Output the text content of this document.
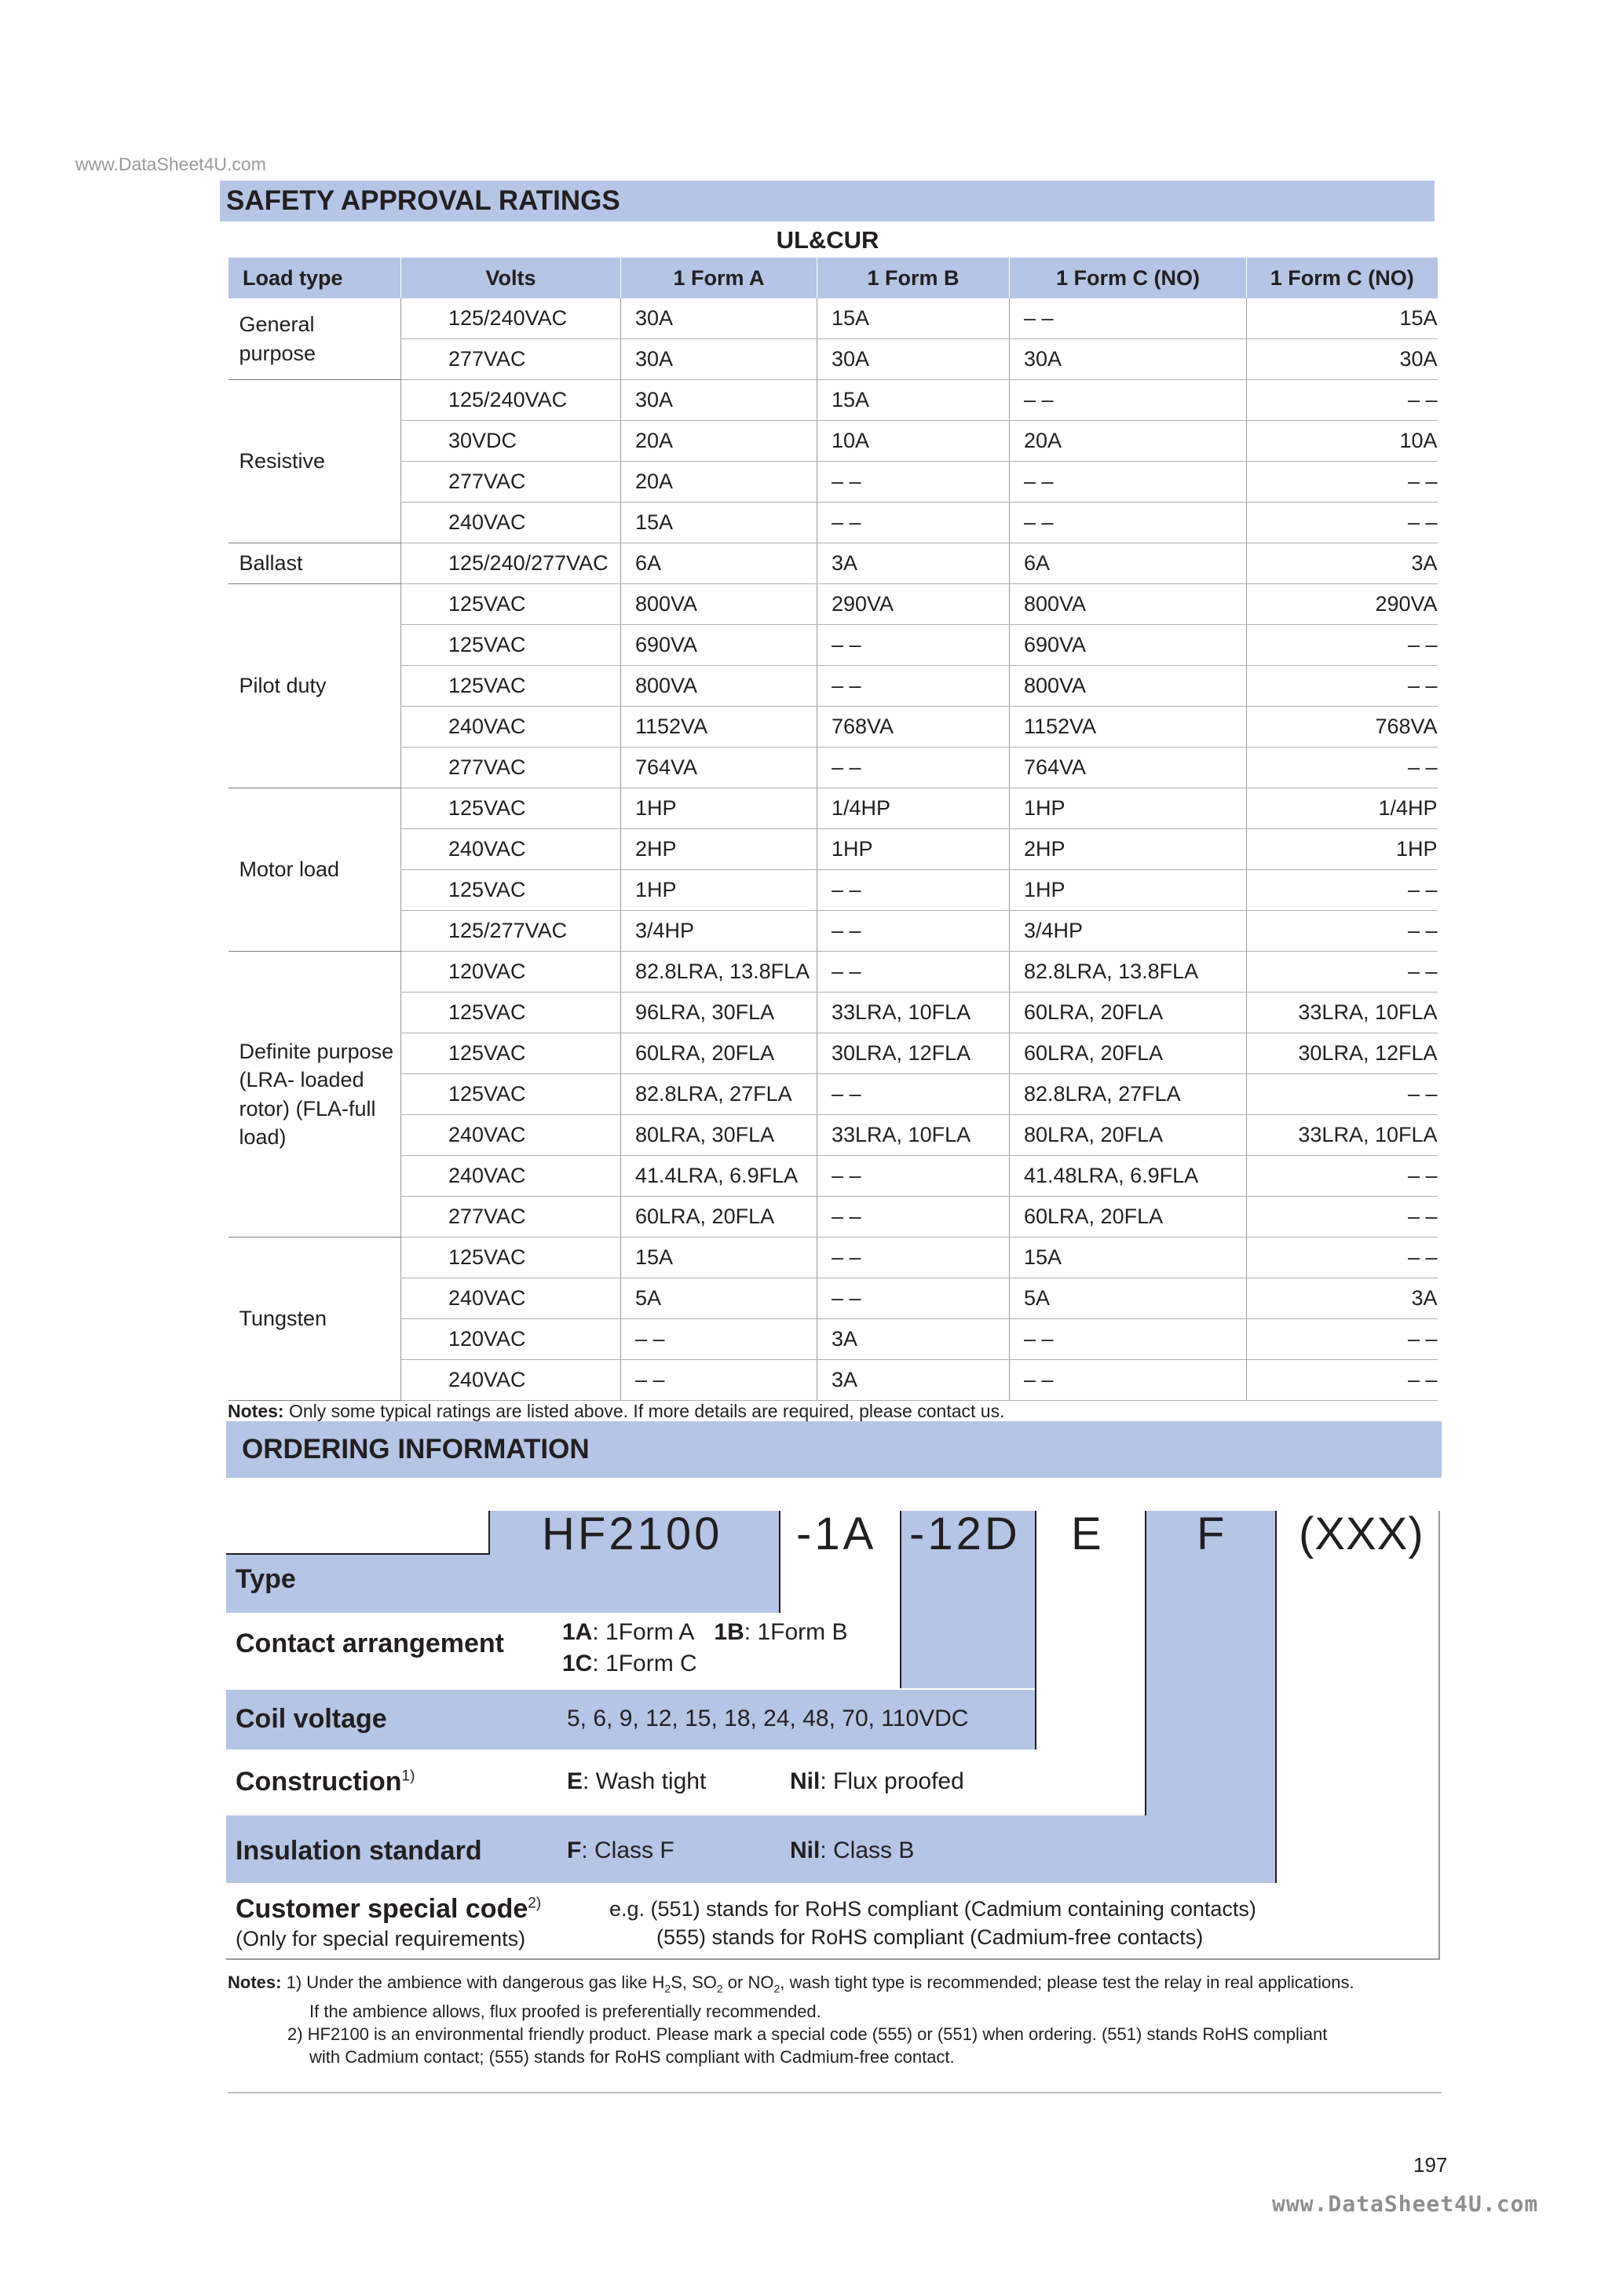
www.DataSheet4U.com
SAFETY APPROVAL RATINGS
UL&CUR
Load type	Volts	1 Form A	1 Form B	1 Form C (NO)	1 Form C (NO)
General purpose	125/240VAC	30A	15A	– –	15A
	277VAC	30A	30A	30A	30A
Resistive	125/240VAC	30A	15A	– –	– –
	30VDC	20A	10A	20A	10A
	277VAC	20A	– –	– –	– –
	240VAC	15A	– –	– –	– –
Ballast	125/240/277VAC	6A	3A	6A	3A
Pilot duty	125VAC	800VA	290VA	800VA	290VA
	125VAC	690VA	– –	690VA	– –
	125VAC	800VA	– –	800VA	– –
	240VAC	1152VA	768VA	1152VA	768VA
	277VAC	764VA	– –	764VA	– –
Motor load	125VAC	1HP	1/4HP	1HP	1/4HP
	240VAC	2HP	1HP	2HP	1HP
	125VAC	1HP	– –	1HP	– –
	125/277VAC	3/4HP	– –	3/4HP	– –
Definite purpose (LRA- loaded rotor) (FLA-full load)	120VAC	82.8LRA, 13.8FLA	– –	82.8LRA, 13.8FLA	– –
	125VAC	96LRA, 30FLA	33LRA, 10FLA	60LRA, 20FLA	33LRA, 10FLA
	125VAC	60LRA, 20FLA	30LRA, 12FLA	60LRA, 20FLA	30LRA, 12FLA
	125VAC	82.8LRA, 27FLA	– –	82.8LRA, 27FLA	– –
	240VAC	80LRA, 30FLA	33LRA, 10FLA	80LRA, 20FLA	33LRA, 10FLA
	240VAC	41.4LRA, 6.9FLA	– –	41.48LRA, 6.9FLA	– –
	277VAC	60LRA, 20FLA	– –	60LRA, 20FLA	– –
Tungsten	125VAC	15A	– –	15A	– –
	240VAC	5A	– –	5A	3A
	120VAC	– –	3A	– –	– –
	240VAC	– –	3A	– –	– –
Notes: Only some typical ratings are listed above. If more details are required, please contact us.
ORDERING INFORMATION
HF2100 -1A -12D E F (XXX)
Type
Contact arrangement 1A: 1Form A 1B: 1Form B
1C: 1Form C
Coil voltage	5, 6, 9, 12, 15, 18, 24, 48, 70, 110VDC
Construction$^{1)}$	E: Wash tight	Nil: Flux proofed
Insulation standard	F: Class F	Nil: Class B
Customer special code$^{2)}$
(Only for special requirements)
e.g. (551) stands for RoHS compliant (Cadmium containing contacts)
(555) stands for RoHS compliant (Cadmium-free contacts)
Notes: 1) Under the ambience with dangerous gas like $H_2S$, $SO_2$ or $NO_2$, wash tight type is recommended; please test the relay in real applications.
If the ambience allows, flux proofed is preferentially recommended.
2) HF2100 is an environmental friendly product. Please mark a special code (555) or (551) when ordering. (551) stands RoHS compliant
with Cadmium contact; (555) stands for RoHS compliant with Cadmium-free contact.
197
www.DataSheet4U.com
